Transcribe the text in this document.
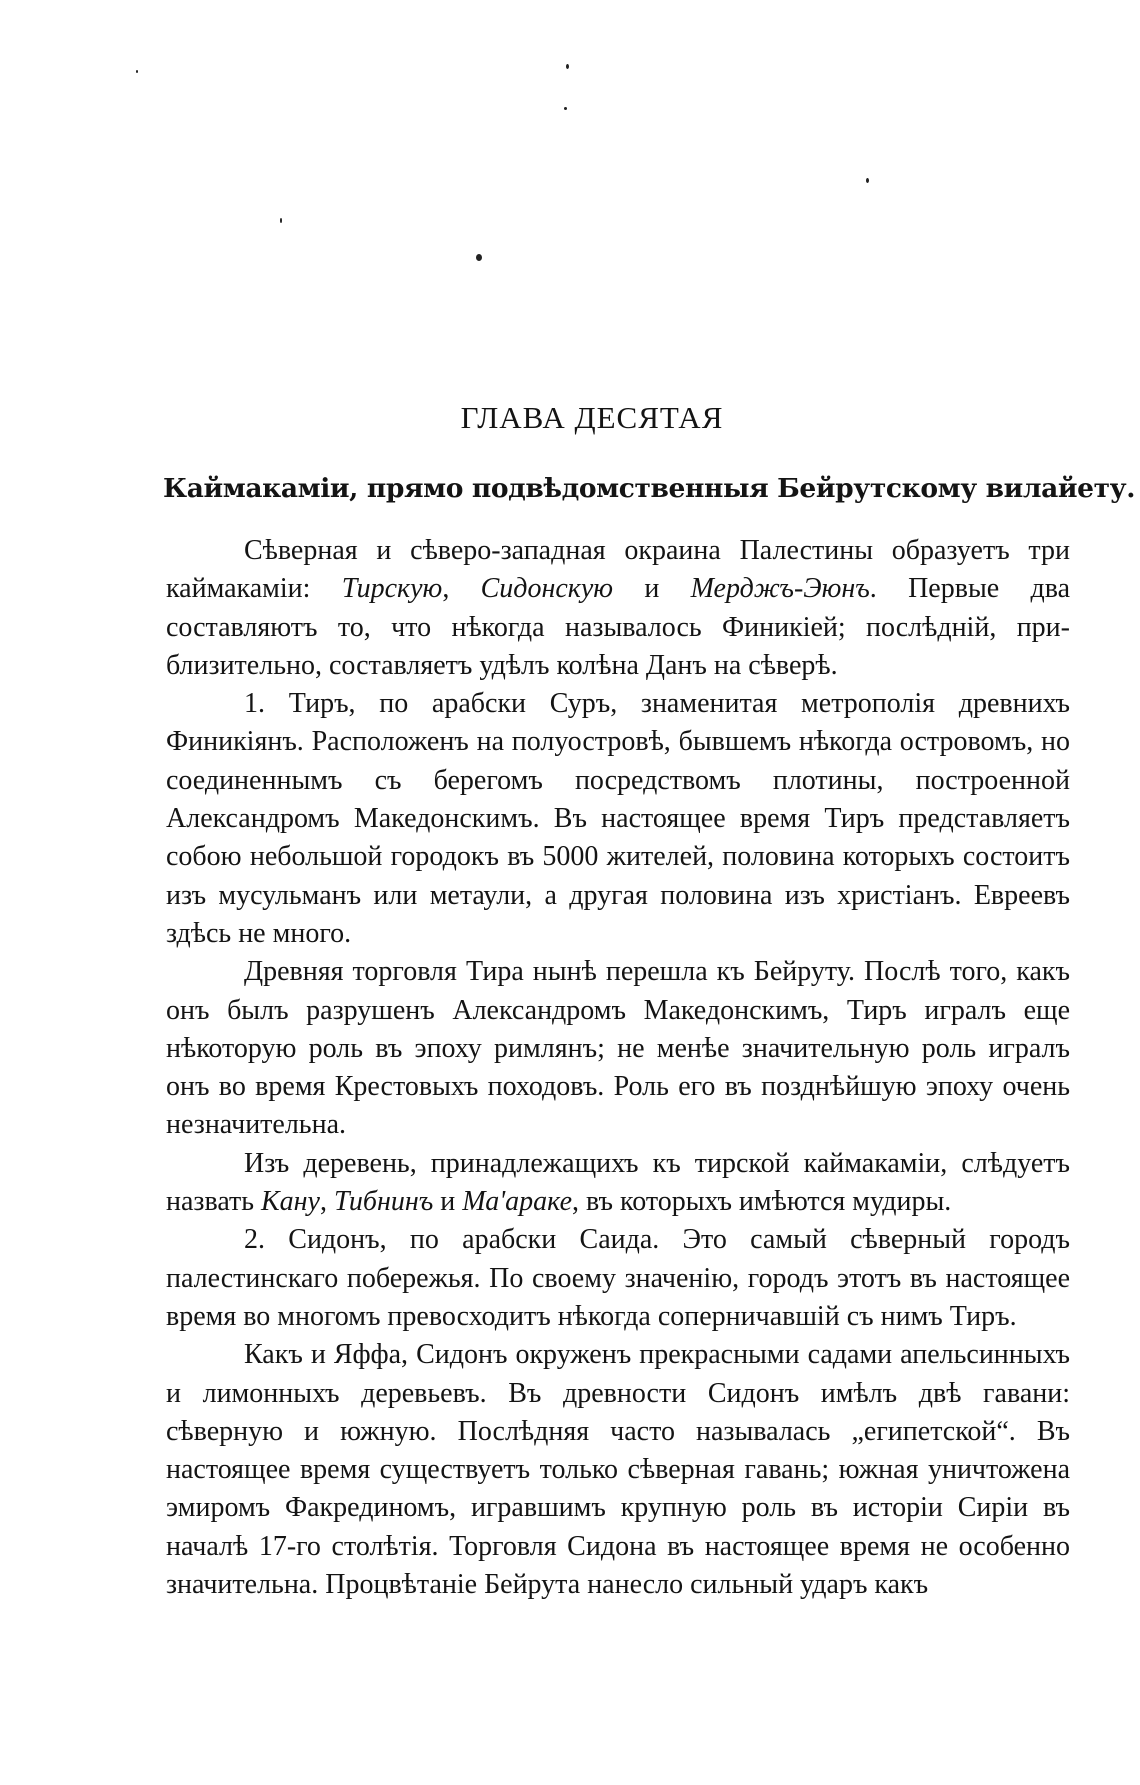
ГЛАВА ДЕСЯТАЯ
Каймакаміи, прямо подвѣдомственныя Бейрутскому вилайету.

Сѣверная и сѣверо-западная окраина Палестины образуетъ три каймакаміи: Тирскую, Сидонскую и Мерджъ-Эюнъ. Первые два составляютъ то, что нѣкогда называлось Финикіей; послѣдній, приблизительно, составляетъ удѣлъ колѣна Данъ на сѣверѣ.

1. Тиръ, по арабски Суръ, знаменитая метрополія древнихъ Финикіянъ. Расположенъ на полуостровѣ, бывшемъ нѣкогда островомъ, но соединеннымъ съ берегомъ посредствомъ плотины, построенной Александромъ Македонскимъ. Въ настоящее время Тиръ представляетъ собою небольшой городокъ въ 5000 жителей, половина которыхъ состоитъ изъ мусульманъ или метаули, а другая половина изъ христіанъ. Евреевъ здѣсь не много.

Древняя торговля Тира нынѣ перешла къ Бейруту. Послѣ того, какъ онъ былъ разрушенъ Александромъ Македонскимъ, Тиръ игралъ еще нѣкоторую роль въ эпоху римлянъ; не менѣе значительную роль игралъ онъ во время Крестовыхъ походовъ. Роль его въ позднѣйшую эпоху очень незначительна.

Изъ деревень, принадлежащихъ къ тирской каймакаміи, слѣдуетъ назвать Кану, Тибнинъ и Ма'араке, въ которыхъ имѣются мудиры.

2. Сидонъ, по арабски Саида. Это самый сѣверный городъ палестинскаго побережья. По своему значенію, городъ этотъ въ настоящее время во многомъ превосходитъ нѣкогда соперничавшій съ нимъ Тиръ.

Какъ и Яффа, Сидонъ окруженъ прекрасными садами апельсинныхъ и лимонныхъ деревьевъ. Въ древности Сидонъ имѣлъ двѣ гавани: сѣверную и южную. Послѣдняя часто называлась „египетской“. Въ настоящее время существуетъ только сѣверная гавань; южная уничтожена эмиромъ Факрединомъ, игравшимъ крупную роль въ исторіи Сиріи въ началѣ 17-го столѣтія. Торговля Сидона въ настоящее время не особенно значительна. Процвѣтаніе Бейрута нанесло сильный ударъ какъ
